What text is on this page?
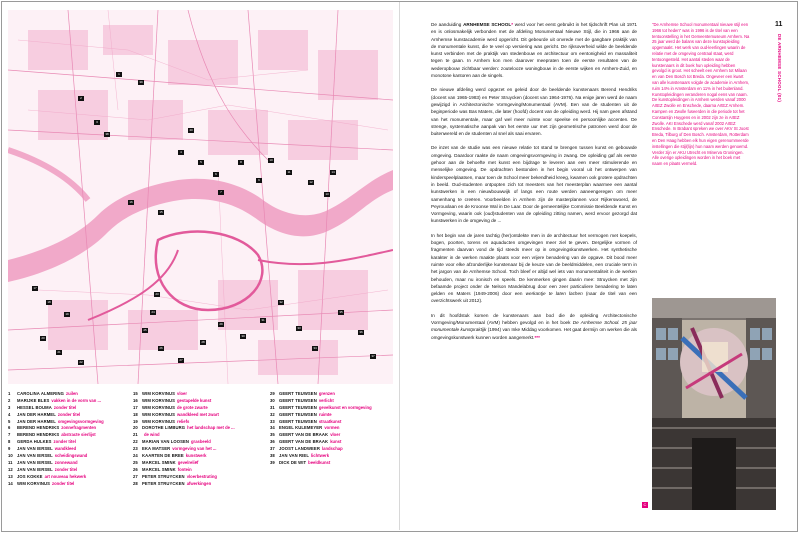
1
2
3
4
5
6
7
8
9
10
11
12
13
14
15
16
17
18
19
20
21
22
23
24
25
26
27
28
29
30
31
32
33
34
35
36
37
38
39
40
1 CAROLINA ALMERING zuilen
2 MARIJKE BLES vakken in de vorm van ...
3 HESSEL BOUMA zonder titel
4 JAN DER HARMEL zonder titel
5 JAN DER HARMEL omgevingsvormgeving
6 BEREND HENDRIKS zonnefragmenten
7 BEREND HENDRIKS abstracte sierlijst
8 GERDA HULKES zonder titel
9 JAN VAN IERSEL wandkleed
10 JAN VAN IERSEL scheidingswand
11 JAN VAN IERSEL zonnewand
12 JAN VAN IERSEL zonder titel
13 JOS KOKKE art nouveau hekwerk
14 WIM KORVINUS zonder titel
15 WIM KORVINUS vloer
16 WIM KORVINUS gestapelde kunst
17 WIM KORVINUS de grote zwarte
18 WIM KORVINUS wandkleed met zwart
19 WIM KORVINUS reliefs
20 DOROTHE LIMBURG het landschap met de ...
21 de wind
22 MARIAN VAN LOOSEN grasbeeld
23 EKA MATSER vormgeving van het ...
24 KAARTEN DE BREE kunstwerk
25 MARCEL SMINK gevelreliëf
26 MARCEL SMINK fontein
27 PETER STRUYCKEN vloerbestrating
28 PETER STRUYCKEN afwerkingen
29 GEERT TEUWSEN grenzen
30 GEERT TEUWSEN verlicht
31 GEERT TEUWSEN gevelkunst en vormgeving
32 GEERT TEUWSEN ruimte
33 GEERT TEUWSEN straatkunst
34 ENGEL KULEMEYER vormen
35 GEERT VAN DE BRAAK vloer
36 GEERT VAN DE BRAAK kunst
37 JOOST LANDWEER landschap
38 JAN VAN RIEL lichtwerk
39 DICK DE WIT beeldkunst

De aanduiding ARNHEMSE SCHOOL* werd voor het eerst gebruikt in het tijdschrift Plan uit 1971 en is onlosmakelijk verbonden met de afdeling Monumentaal Nieuwe Stijl, die in 1966 aan de Arnhemse kunstacademie werd opgericht. Dit gebeurde uit onvrede met de gangbare praktijk van de monumentale kunst, die te veel op versiering was gericht. De rijksoverheid wilde de beeldende kunst verbinden met de praktijk van stedenbouw en architectuur om eentonigheid en massaliteit tegen te gaan. In Arnhem kon men daarover meepraten toen de eerste resultaten van de wederopbouw zichtbaar werden: zoutelooze woningbouw in de eerste wijken en Arnhem-Zuid, en monotone kantoren aan de singels.

De nieuwe afdeling werd opgezet en geleid door de beeldende kunstenaars Berend Hendriks (docent van 1965-1983) en Peter Struycken (docent van 1964-1976). Na enige jaren werd de naam gewijzigd in Architectonische Vormgeving/Monumentaal (AVM). Een van de studenten uit de beginperiode was Bas Maters, die later (hoofd) docent van de opleiding werd. Hij nam geen afstand van het monumentale, maar gaf wel meer ruimte voor speelse en persoonlijke accenten. De strenge, systematische aanpak van het eerste uur met zijn geometrische patronen werd door de buitenwereld en de studenten al snel als saai ervaren.

De inzet van de studie was een nieuwe relatie tot stand te brengen tussen kunst en gebouwde omgeving. Daardoor raakte de naam omgevingsvormgeving in zwang. De opleiding gaf als eerste gehoor aan de behoefte met kunst een bijdrage te leveren aan een meer stimulerende en menselijke omgeving. De opdrachten bestonden in het begin vooral uit het ontwerpen van kinderspeelplaatsen, maar toen de School meer bekendheid kreeg, kwamen ook grotere opdrachten in beeld. Oud-studenten ontpopten zich tot meesters van het meesterplan waarmee een aantal kunstwerken in een nieuwbouwwijk of langs een route werden aaneengeregen om meer samenhang te creëren. Voorbeelden in Arnhem zijn de masterplannen voor Rijkerswoerd, de Peyrouxlaan en de Kroonse Wal in De Laar. Door de gemeentelijke Commissie Beeldende Kunst en Vormgeving, waarin ook (oud)studenten van de opleiding zitting namen, werd ervoor gezorgd dat kunstwerken in de omgeving de ...

In het begin van de jaren tachtig (her)ontdekte men in de architectuur het vermogen met koepels, bogen, poorten, torens en aquaducten omgevingen meer ziel te geven. Dergelijke vormen of fragmenten daarvan vond de tijd steeds meer op in omgevingskunstwerken. Het synthetische karakter in de werken maakte plaats voor een vrijere benadering van de opgave. Dit bood meer ruimte voor elke afzonderlijke kunstenaar bij de keuze van de beeldmiddelen, een cruciale term in het jargon van de Arnhemse School. Toch bleef er altijd wel iets van monumentaliteit in de werken behouden, maar nu ironisch en speels. De kenmerken gingen daarin mee: Struycken met zijn befaamde project onder de Nelson Mandelabrug door een zeer particuliere benadering te laten gelden en Maters (1949-2006) door een werkantje te laten lachen (naar de titel van een overzichtswerk uit 2012).

In dit hoofdstuk komen de kunstenaars aan bod die de opleiding Architectonische Vormgeving/Monumentaal (AVM) hebben gevolgd en in het boek De Arnhemse School. 25 jaar monumentale kunstpraktijk (1994) van Inke Middag voorkomen. Het gaat dermijn om werken die als omgevingskunstwerk kunnen worden aangemerkt.***

"De Arnhemse School monumentaal nieuwe stijl een 1966 tot heden" was in 1996 is de titel van een tentoonstelling in het Gemeentemuseum Arnhem. Na 25 jaar werd de balans van deze kunstopleiding opgemaakt. Het werk van oud-leerlingen waarin de relatie met de omgeving centraal staat, werd tentoongesteld. Het aantal steden waar de kunstenaars in dit boek hun opleiding hebben gevolgd is groot. Het scheelt een Arnhem tot Milaan en van Den Bosch tot Breda. Ongeveer een kwart van alle kunstenaars volgde de academie in Arnhem, ruim 14% in Amsterdam en 11% in het buitenland. Kunstopleidingen veranderen nogal eens van naam. De kunstopleidingen in Arnhem werden vanaf 2000 ArtEZ Zwolle en Enschede, daarna ArtEZ Arnhem. Kampen en Zwolle fuseerden in die periode tot het Constantijn Huygens en in 2002 zijn ze in ArtEZ Zwolle. AKI Enschede werd vanaf 2002 ArtEZ Enschede. In Brabant spreken we over AKV St Joost Breda, Tilburg of Den Bosch. Amsterdam, Rotterdam en Den Haag hebben elk hun eigen gerenommeerde instellingen die stijl(lijn) hun naam werden genoemd. Verder zijn er AKU Utrecht en Minerva Groningen. Alle overige opleidingen worden in het boek met naam en plaats vermeld.
11
DE ARNHEMSE SCHOOL (01)
C
